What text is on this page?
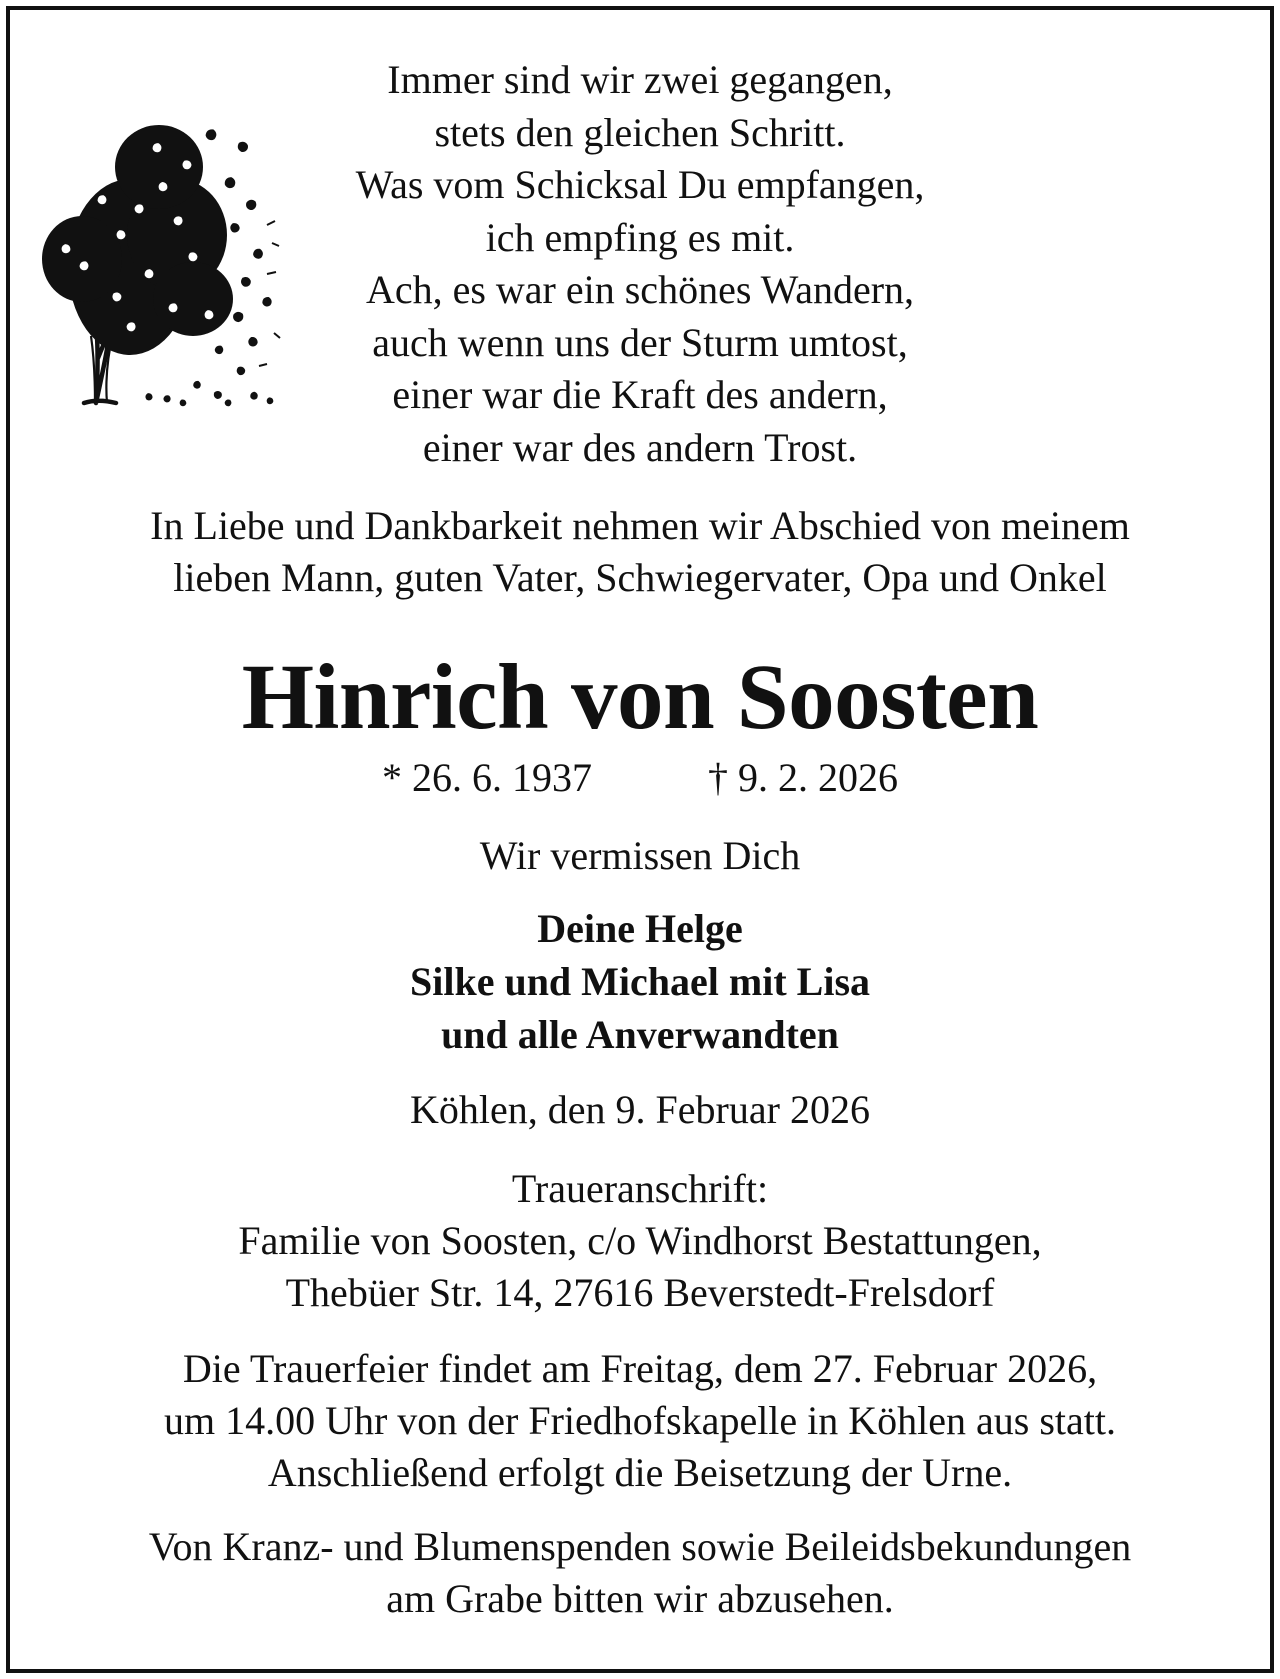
Immer sind wir zwei gegangen,
stets den gleichen Schritt.
Was vom Schicksal Du empfangen,
ich empfing es mit.
Ach, es war ein schönes Wandern,
auch wenn uns der Sturm umtost,
einer war die Kraft des andern,
einer war des andern Trost.
In Liebe und Dankbarkeit nehmen wir Abschied von meinem
lieben Mann, guten Vater, Schwiegervater, Opa und Onkel
Hinrich von Soosten
* 26. 6. 1937	† 9. 2. 2026
Wir vermissen Dich
Deine Helge
Silke und Michael mit Lisa
und alle Anverwandten
Köhlen, den 9. Februar 2026
Traueranschrift:
Familie von Soosten, c/o Windhorst Bestattungen,
Thebüer Str. 14, 27616 Beverstedt-Frelsdorf
Die Trauerfeier findet am Freitag, dem 27. Februar 2026,
um 14.00 Uhr von der Friedhofskapelle in Köhlen aus statt.
Anschließend erfolgt die Beisetzung der Urne.
Von Kranz- und Blumenspenden sowie Beileidsbekundungen
am Grabe bitten wir abzusehen.
